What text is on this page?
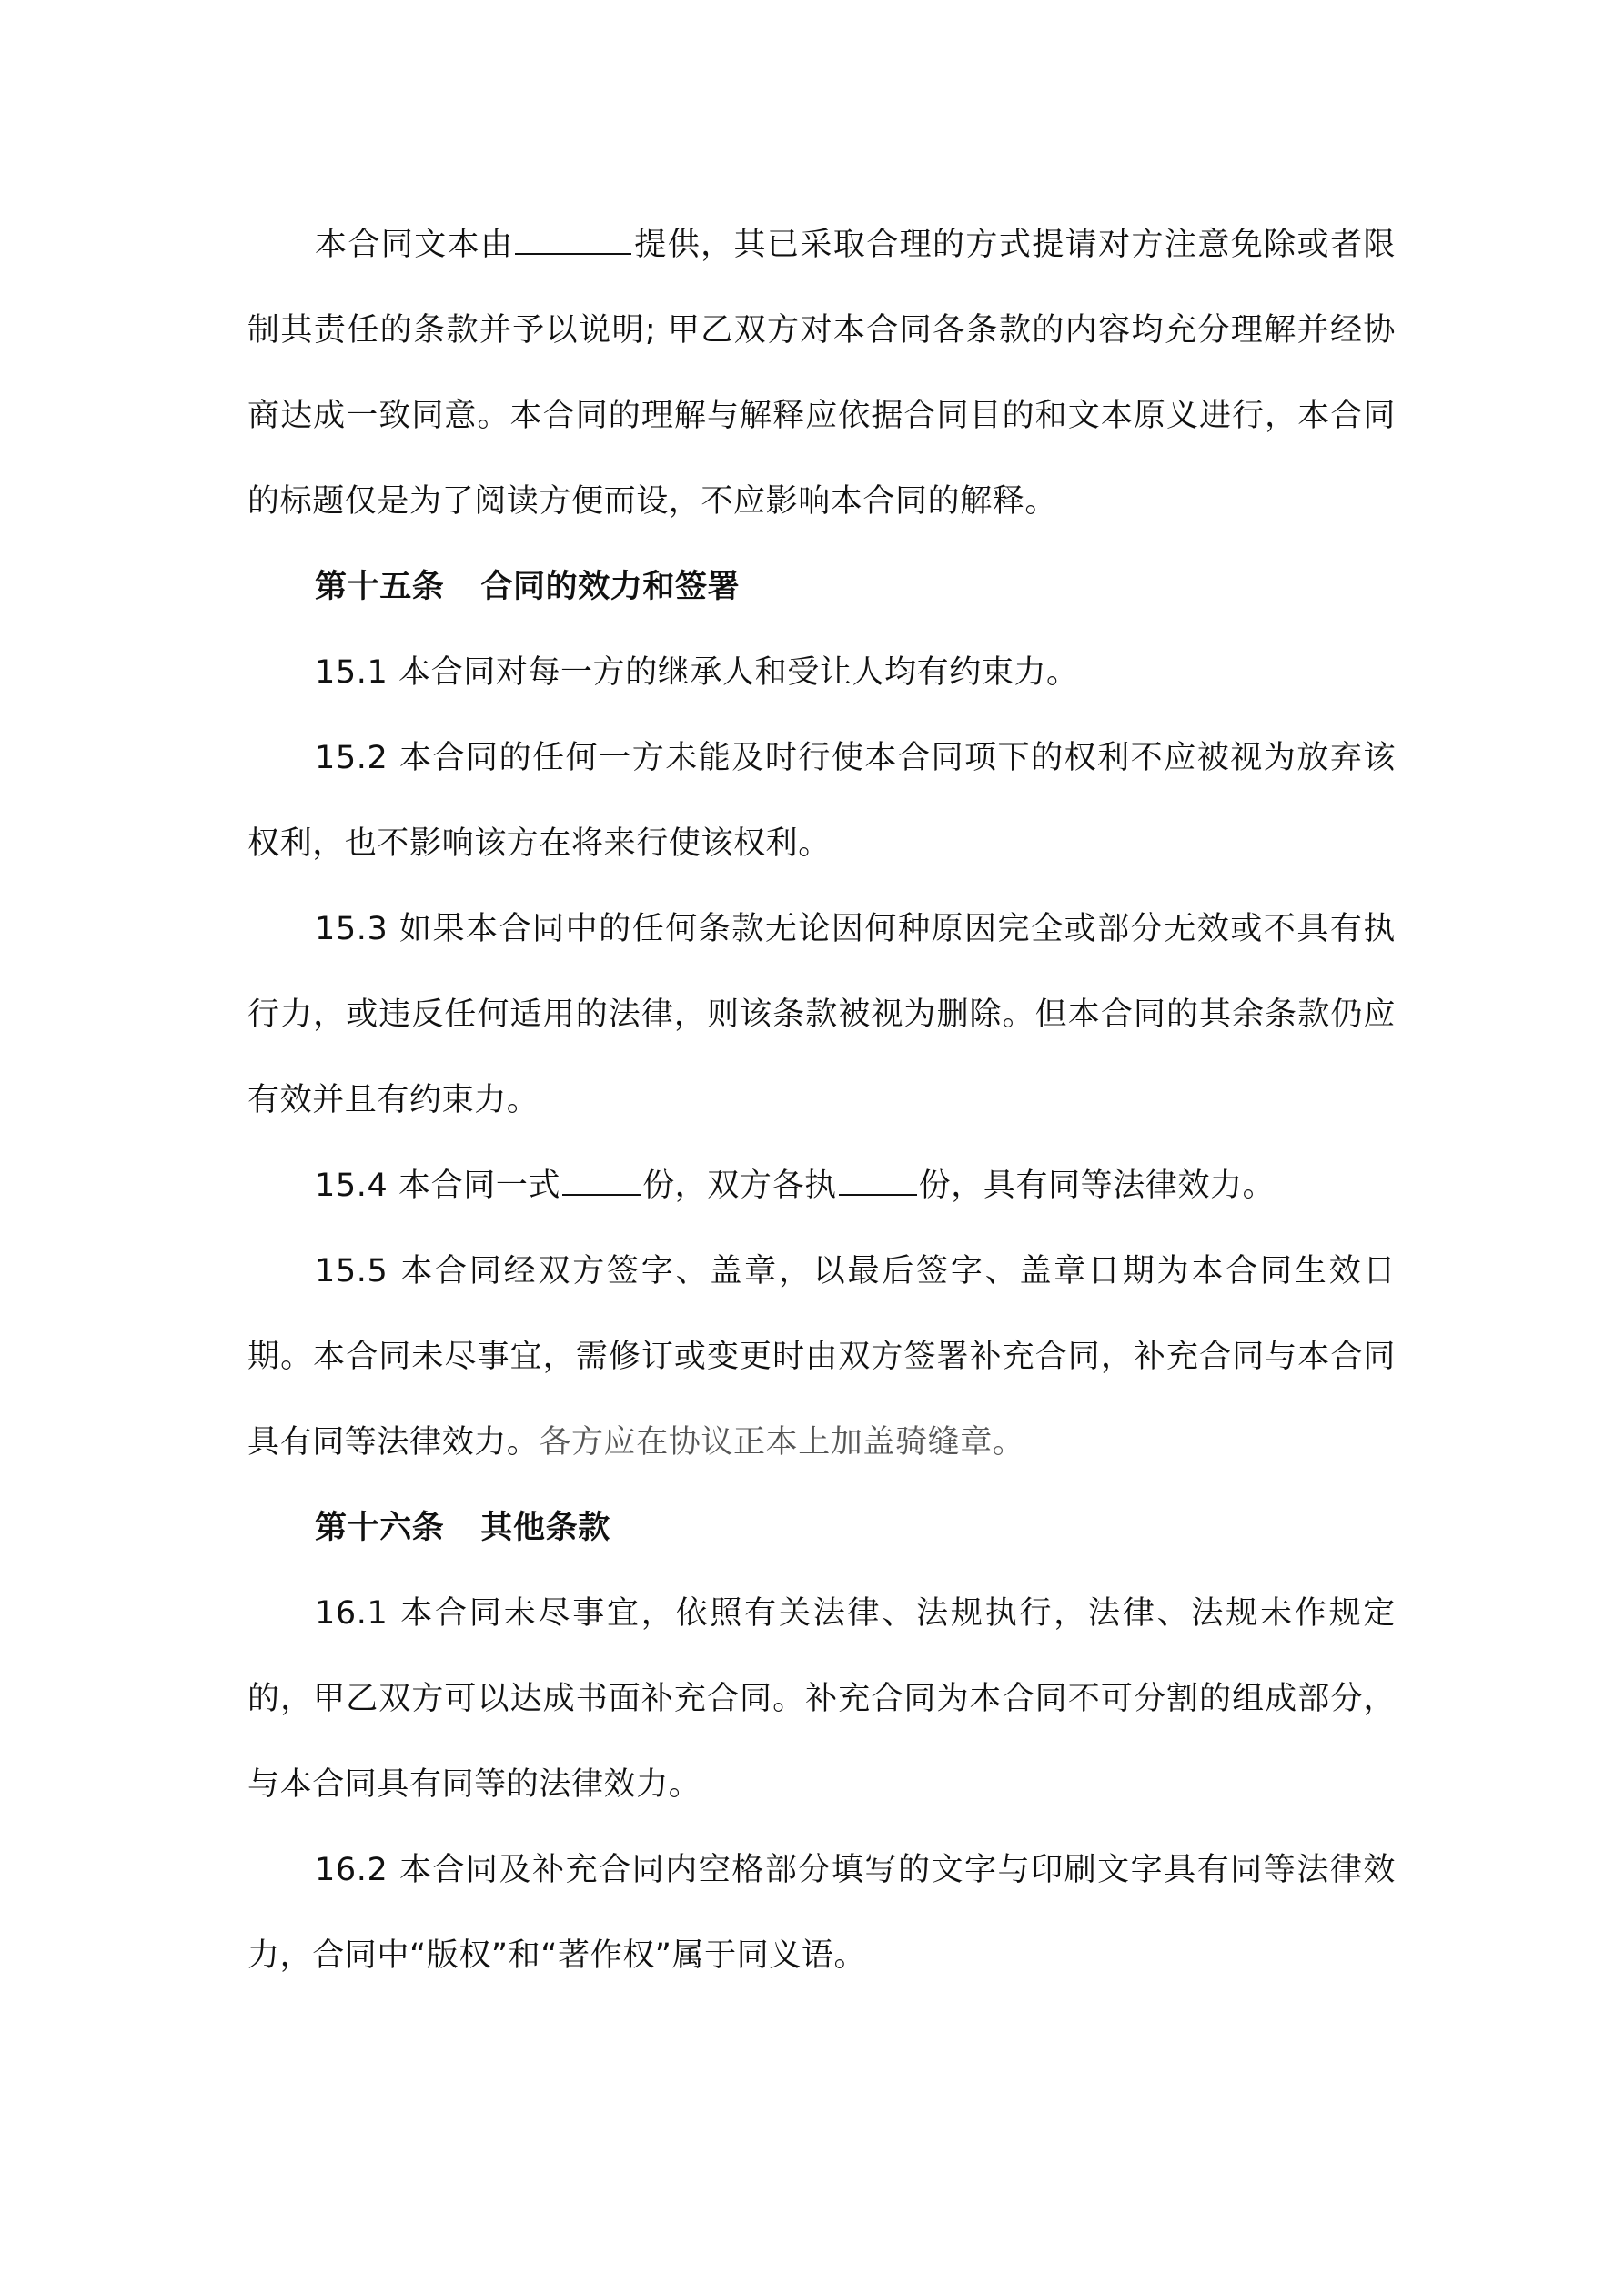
本合同文本由	提供，其已采取合理的方式提请对方注意免除或者限制其责任的条款并予以说明; 甲乙双方对本合同各条款的内容均充分理解并经协商达成一致同意。本合同的理解与解释应依据合同目的和文本原义进行，本合同的标题仅是为了阅读方便而设，不应影响本合同的解释。

第十五条 合同的效力和签署

15.1 本合同对每一方的继承人和受让人均有约束力。

15.2 本合同的任何一方未能及时行使本合同项下的权利不应被视为放弃该权利，也不影响该方在将来行使该权利。

15.3 如果本合同中的任何条款无论因何种原因完全或部分无效或不具有执行力，或违反任何适用的法律，则该条款被视为删除。但本合同的其余条款仍应有效并且有约束力。

15.4 本合同一式	份，双方各执	份，具有同等法律效力。

15.5 本合同经双方签字、盖章，以最后签字、盖章日期为本合同生效日期。本合同未尽事宜，需修订或变更时由双方签署补充合同，补充合同与本合同具有同等法律效力。各方应在协议正本上加盖骑缝章。

第十六条 其他条款

16.1 本合同未尽事宜，依照有关法律、法规执行，法律、法规未作规定的，甲乙双方可以达成书面补充合同。补充合同为本合同不可分割的组成部分，与本合同具有同等的法律效力。

16.2 本合同及补充合同内空格部分填写的文字与印刷文字具有同等法律效力，合同中“版权”和“著作权”属于同义语。
